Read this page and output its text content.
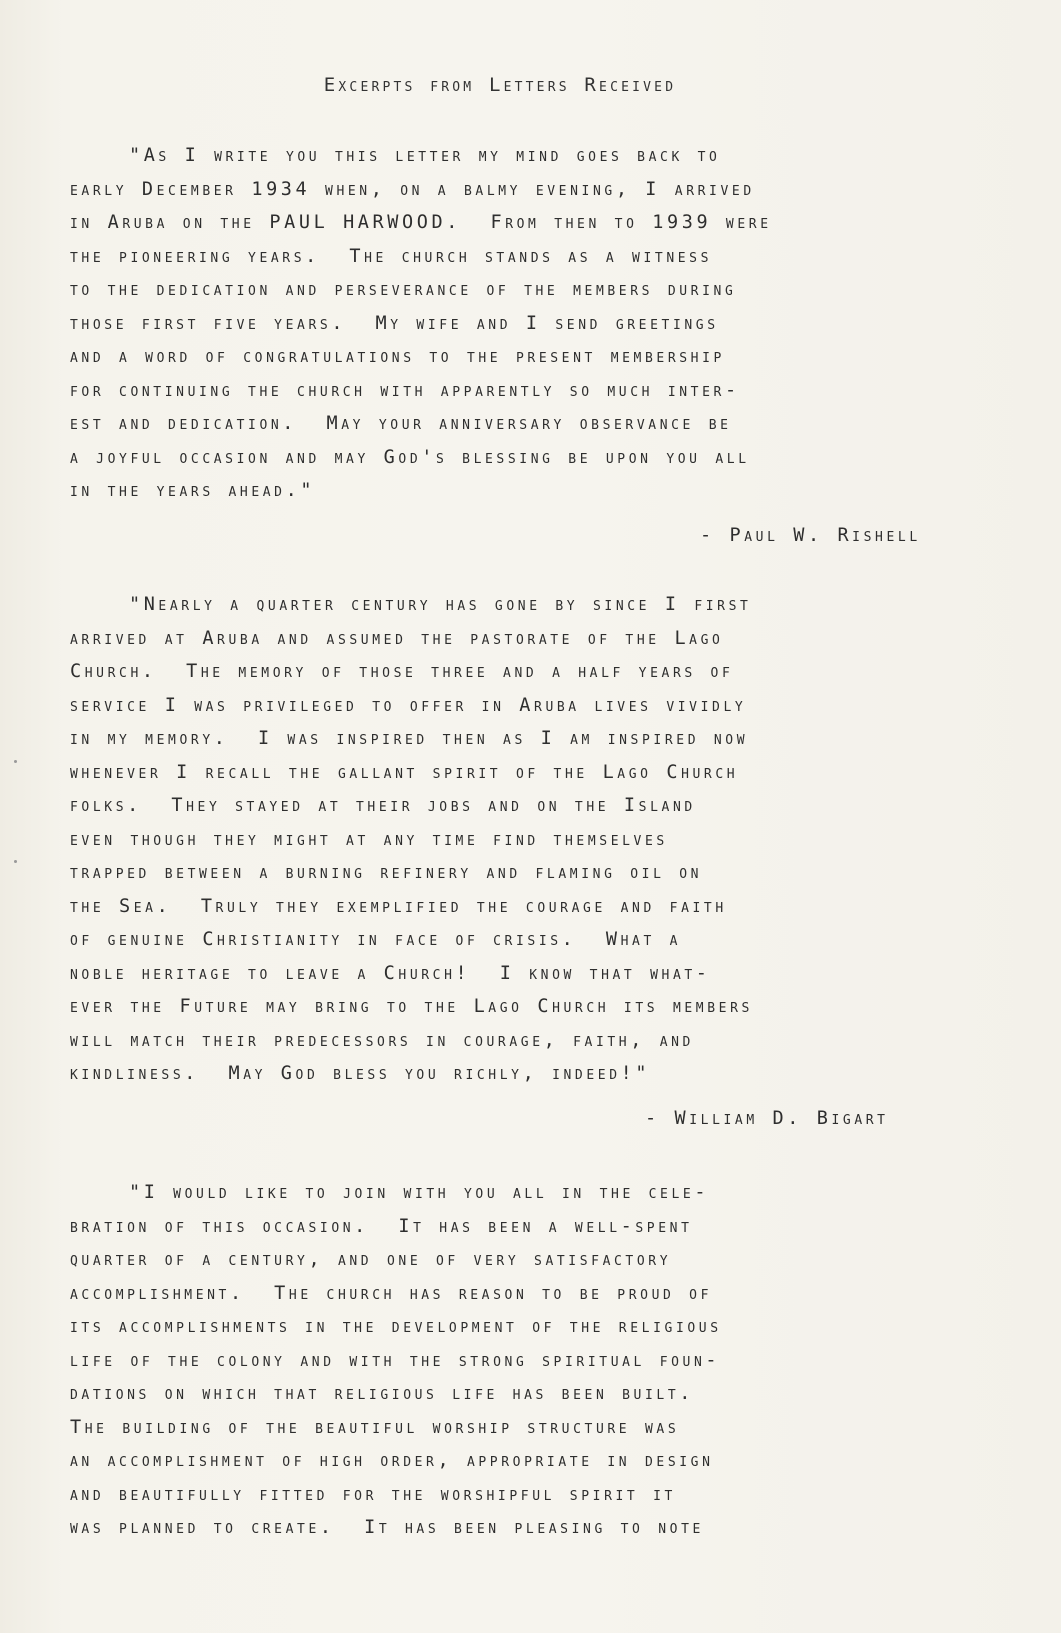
Excerpts from Letters Received
"As I write you this letter my mind goes back to
early December 1934 when, on a balmy evening, I arrived
in Aruba on the PAUL HARWOOD.  From then to 1939 were
the pioneering years.  The church stands as a witness
to the dedication and perseverance of the members during
those first five years.  My wife and I send greetings
and a word of congratulations to the present membership
for continuing the church with apparently so much inter-
est and dedication.  May your anniversary observance be
a joyful occasion and may God's blessing be upon you all
in the years ahead."
- Paul W. Rishell
"Nearly a quarter century has gone by since I first
arrived at Aruba and assumed the pastorate of the Lago
Church.  The memory of those three and a half years of
service I was privileged to offer in Aruba lives vividly
in my memory.  I was inspired then as I am inspired now
whenever I recall the gallant spirit of the Lago Church
folks.  They stayed at their jobs and on the Island
even though they might at any time find themselves
trapped between a burning refinery and flaming oil on
the Sea.  Truly they exemplified the courage and faith
of genuine Christianity in face of crisis.  What a
noble heritage to leave a Church!  I know that what-
ever the Future may bring to the Lago Church its members
will match their predecessors in courage, faith, and
kindliness.  May God bless you richly, indeed!"
- William D. Bigart
"I would like to join with you all in the cele-
bration of this occasion.  It has been a well-spent
quarter of a century, and one of very satisfactory
accomplishment.  The church has reason to be proud of
its accomplishments in the development of the religious
life of the colony and with the strong spiritual foun-
dations on which that religious life has been built.
The building of the beautiful worship structure was
an accomplishment of high order, appropriate in design
and beautifully fitted for the worshipful spirit it
was planned to create.  It has been pleasing to note
